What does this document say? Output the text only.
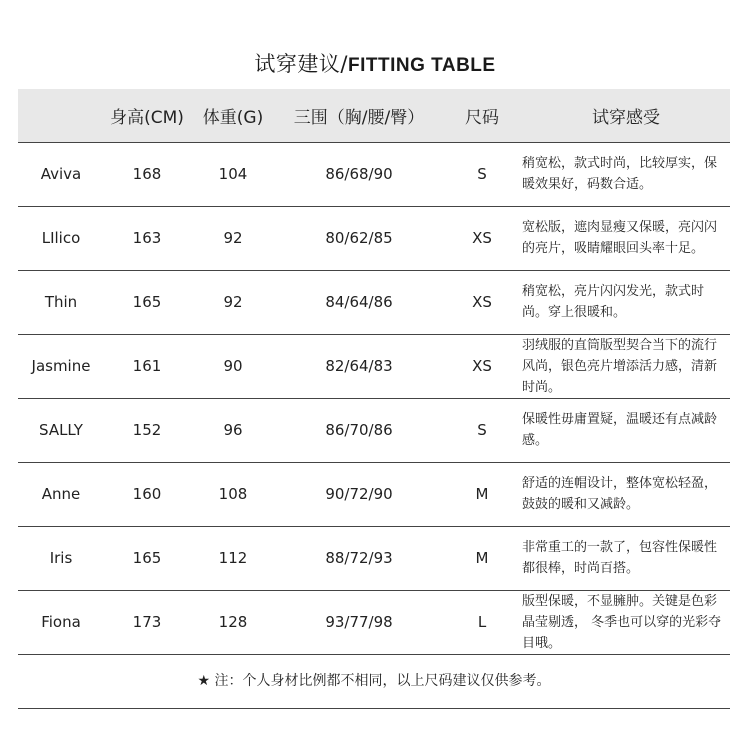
试穿建议/FITTING TABLE
	身高(CM)	体重(G)	三围（胸/腰/臀）	尺码	试穿感受
Aviva	168	104	86/68/90	S	稍宽松，款式时尚，比较厚实，保暖效果好，码数合适。
LIlico	163	92	80/62/85	XS	宽松版，遮肉显瘦又保暖，亮闪闪的亮片，吸睛耀眼回头率十足。
Thin	165	92	84/64/86	XS	稍宽松，亮片闪闪发光，款式时尚。穿上很暖和。
Jasmine	161	90	82/64/83	XS	羽绒服的直筒版型契合当下的流行风尚，银色亮片增添活力感，清新时尚。
SALLY	152	96	86/70/86	S	保暖性毋庸置疑，温暖还有点减龄感。
Anne	160	108	90/72/90	M	舒适的连帽设计，整体宽松轻盈，鼓鼓的暖和又减龄。
Iris	165	112	88/72/93	M	非常重工的一款了，包容性保暖性都很棒，时尚百搭。
Fiona	173	128	93/77/98	L	版型保暖，不显臃肿。关键是色彩晶莹剔透， 冬季也可以穿的光彩夺目哦。
★ 注：个人身材比例都不相同，以上尺码建议仅供参考。
